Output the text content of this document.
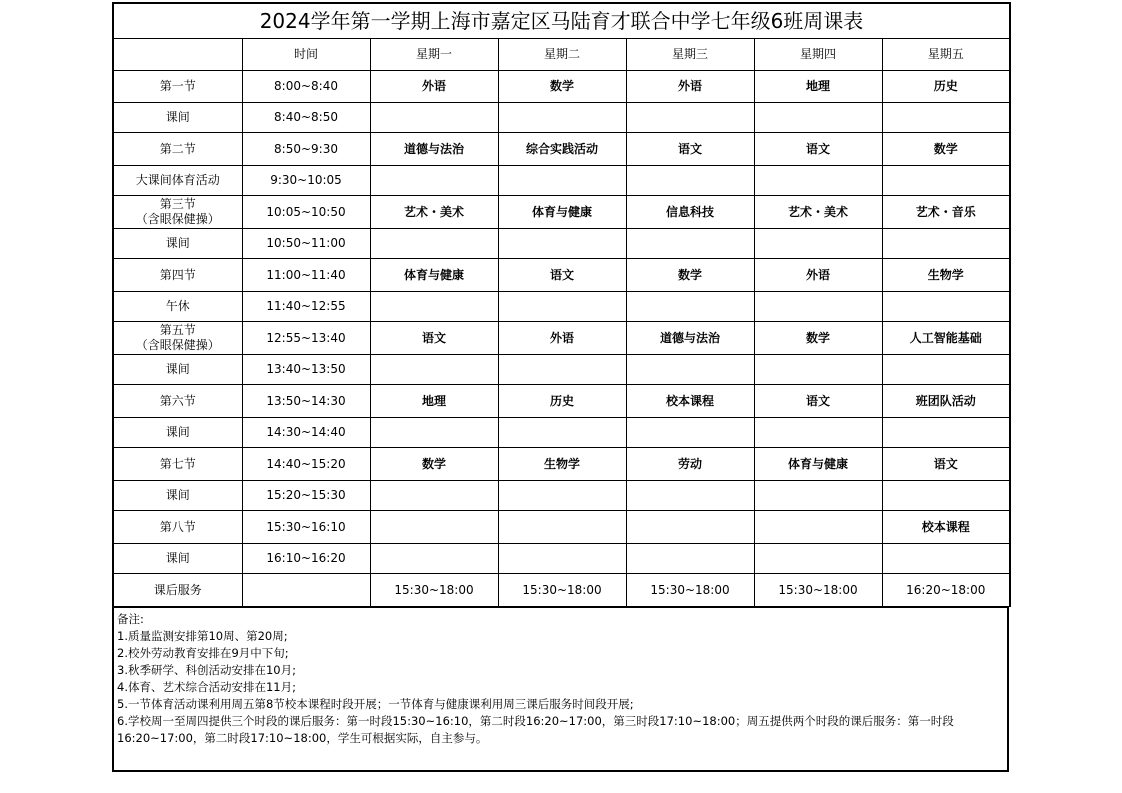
2024学年第一学期上海市嘉定区马陆育才联合中学七年级6班周课表						
	时间	星期一	星期二	星期三	星期四	星期五

第一节	8:00~8:40	外语	数学	外语	地理	历史

课间	8:40~8:50					

第二节	8:50~9:30	道德与法治	综合实践活动	语文	语文	数学

大课间体育活动	9:30~10:05					

第三节
（含眼保健操）	10:05~10:50	艺术・美术	体育与健康	信息科技	艺术・美术	艺术・音乐

课间	10:50~11:00					

第四节	11:00~11:40	体育与健康	语文	数学	外语	生物学

午休	11:40~12:55					

第五节
（含眼保健操）	12:55~13:40	语文	外语	道德与法治	数学	人工智能基础

课间	13:40~13:50					

第六节	13:50~14:30	地理	历史	校本课程	语文	班团队活动

课间	14:30~14:40					

第七节	14:40~15:20	数学	生物学	劳动	体育与健康	语文

课间	15:20~15:30					

第八节	15:30~16:10					校本课程

课间	16:10~16:20					
课后服务		15:30~18:00	15:30~18:00	15:30~18:00	15:30~18:00	16:20~18:00
备注:
1.质量监测安排第10周、第20周;
2.校外劳动教育安排在9月中下旬;
3.秋季研学、科创活动安排在10月;
4.体育、艺术综合活动安排在11月;
5.一节体育活动课利用周五第8节校本课程时段开展；一节体育与健康课利用周三课后服务时间段开展;
6.学校周一至周四提供三个时段的课后服务：第一时段15:30~16:10，第二时段16:20~17:00，第三时段17:10~18:00；周五提供两个时段的课后服务：第一时段16:20~17:00，第二时段17:10~18:00，学生可根据实际，自主参与。
